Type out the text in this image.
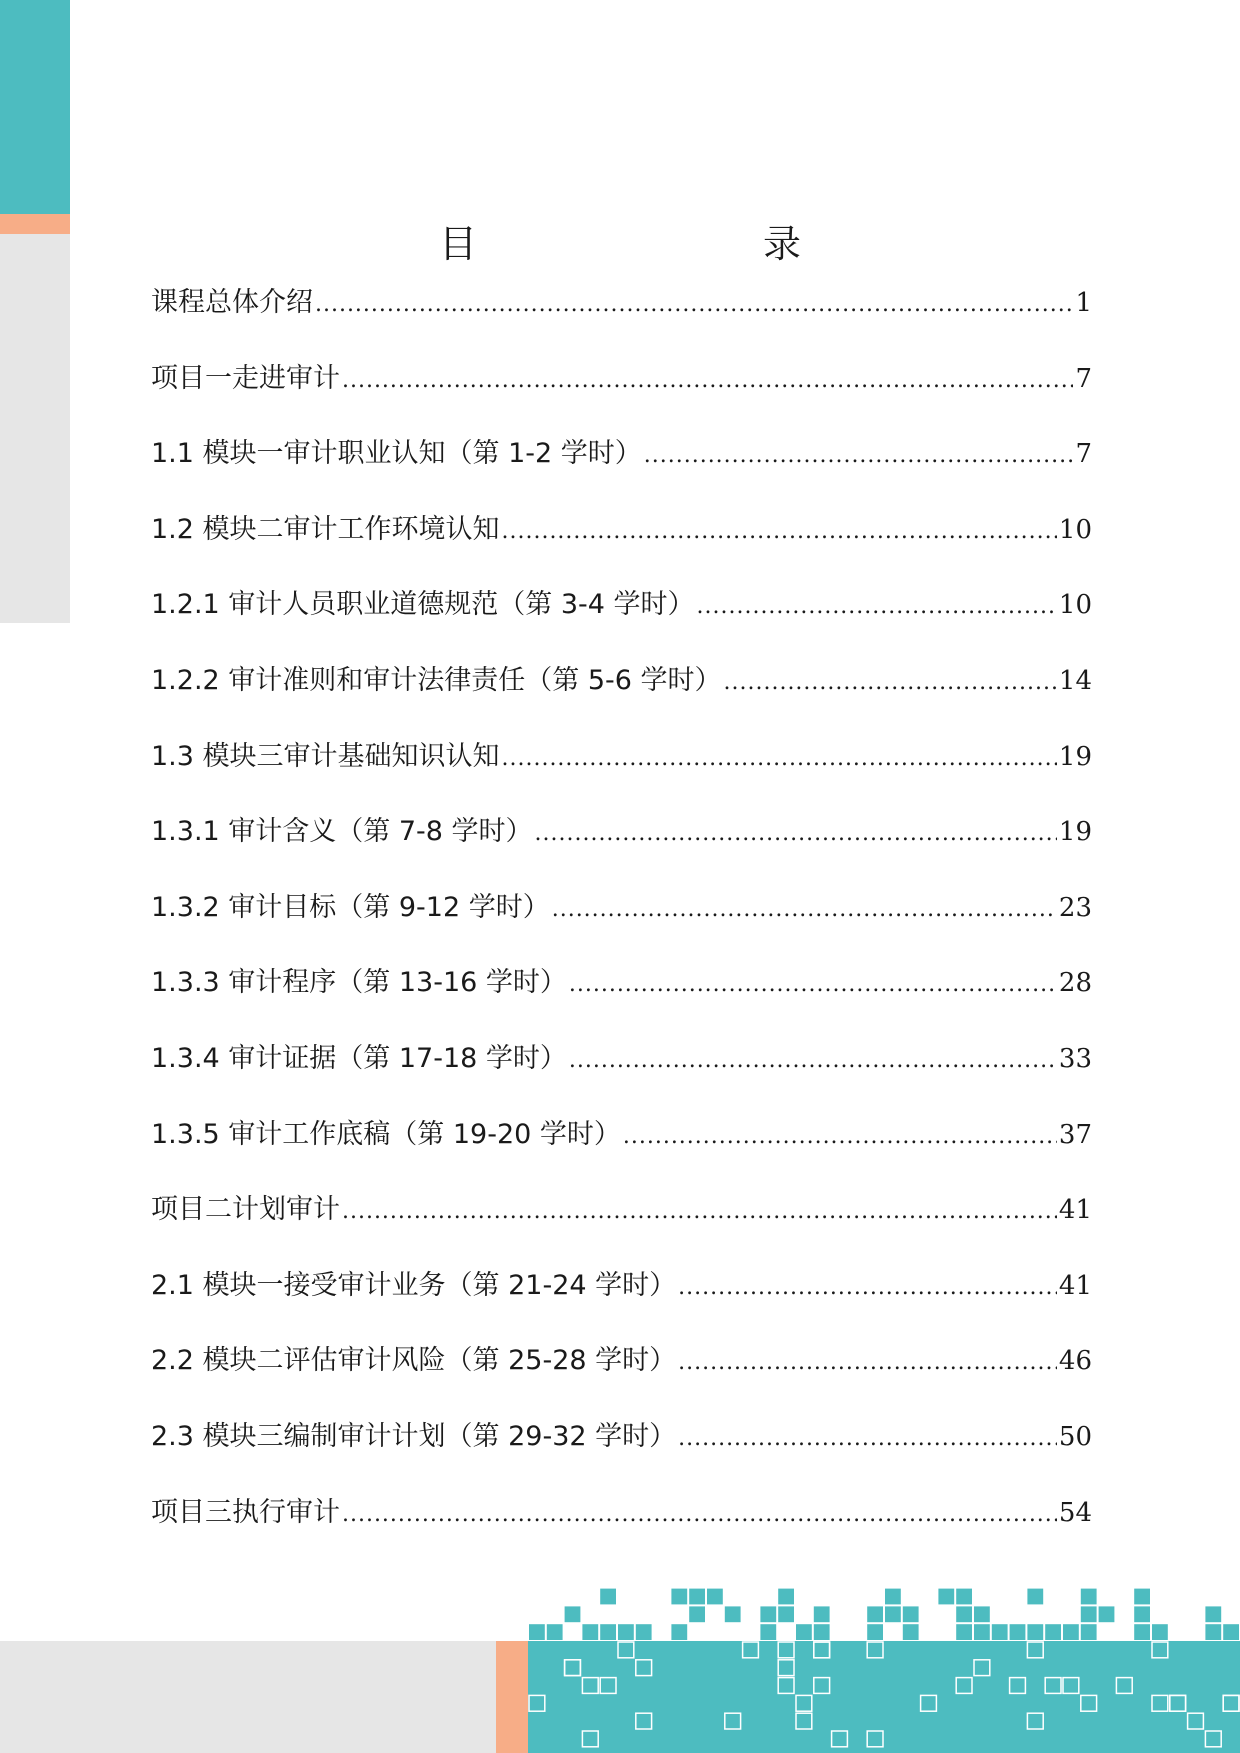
目　　录
课程总体介绍 . . .	1
项目一走进审计 . . .	7
1.1 模块一审计职业认知（第 1-2 学时） . . .	7
1.2 模块二审计工作环境认知 . . .	10
1.2.1 审计人员职业道德规范（第 3-4 学时） . . .	10
1.2.2 审计准则和审计法律责任（第 5-6 学时） . . .	14
1.3 模块三审计基础知识认知 . . .	19
1.3.1 审计含义（第 7-8 学时） . . .	19
1.3.2 审计目标（第 9-12 学时） . . .	23
1.3.3 审计程序（第 13-16 学时） . . .	28
1.3.4 审计证据（第 17-18 学时） . . .	33
1.3.5 审计工作底稿（第 19-20 学时） . . .	37
项目二计划审计 . . .	41
2.1 模块一接受审计业务（第 21-24 学时） . . .	41
2.2 模块二评估审计风险（第 25-28 学时） . . .	46
2.3 模块三编制审计计划（第 29-32 学时） . . .	50
项目三执行审计 . . .	54
